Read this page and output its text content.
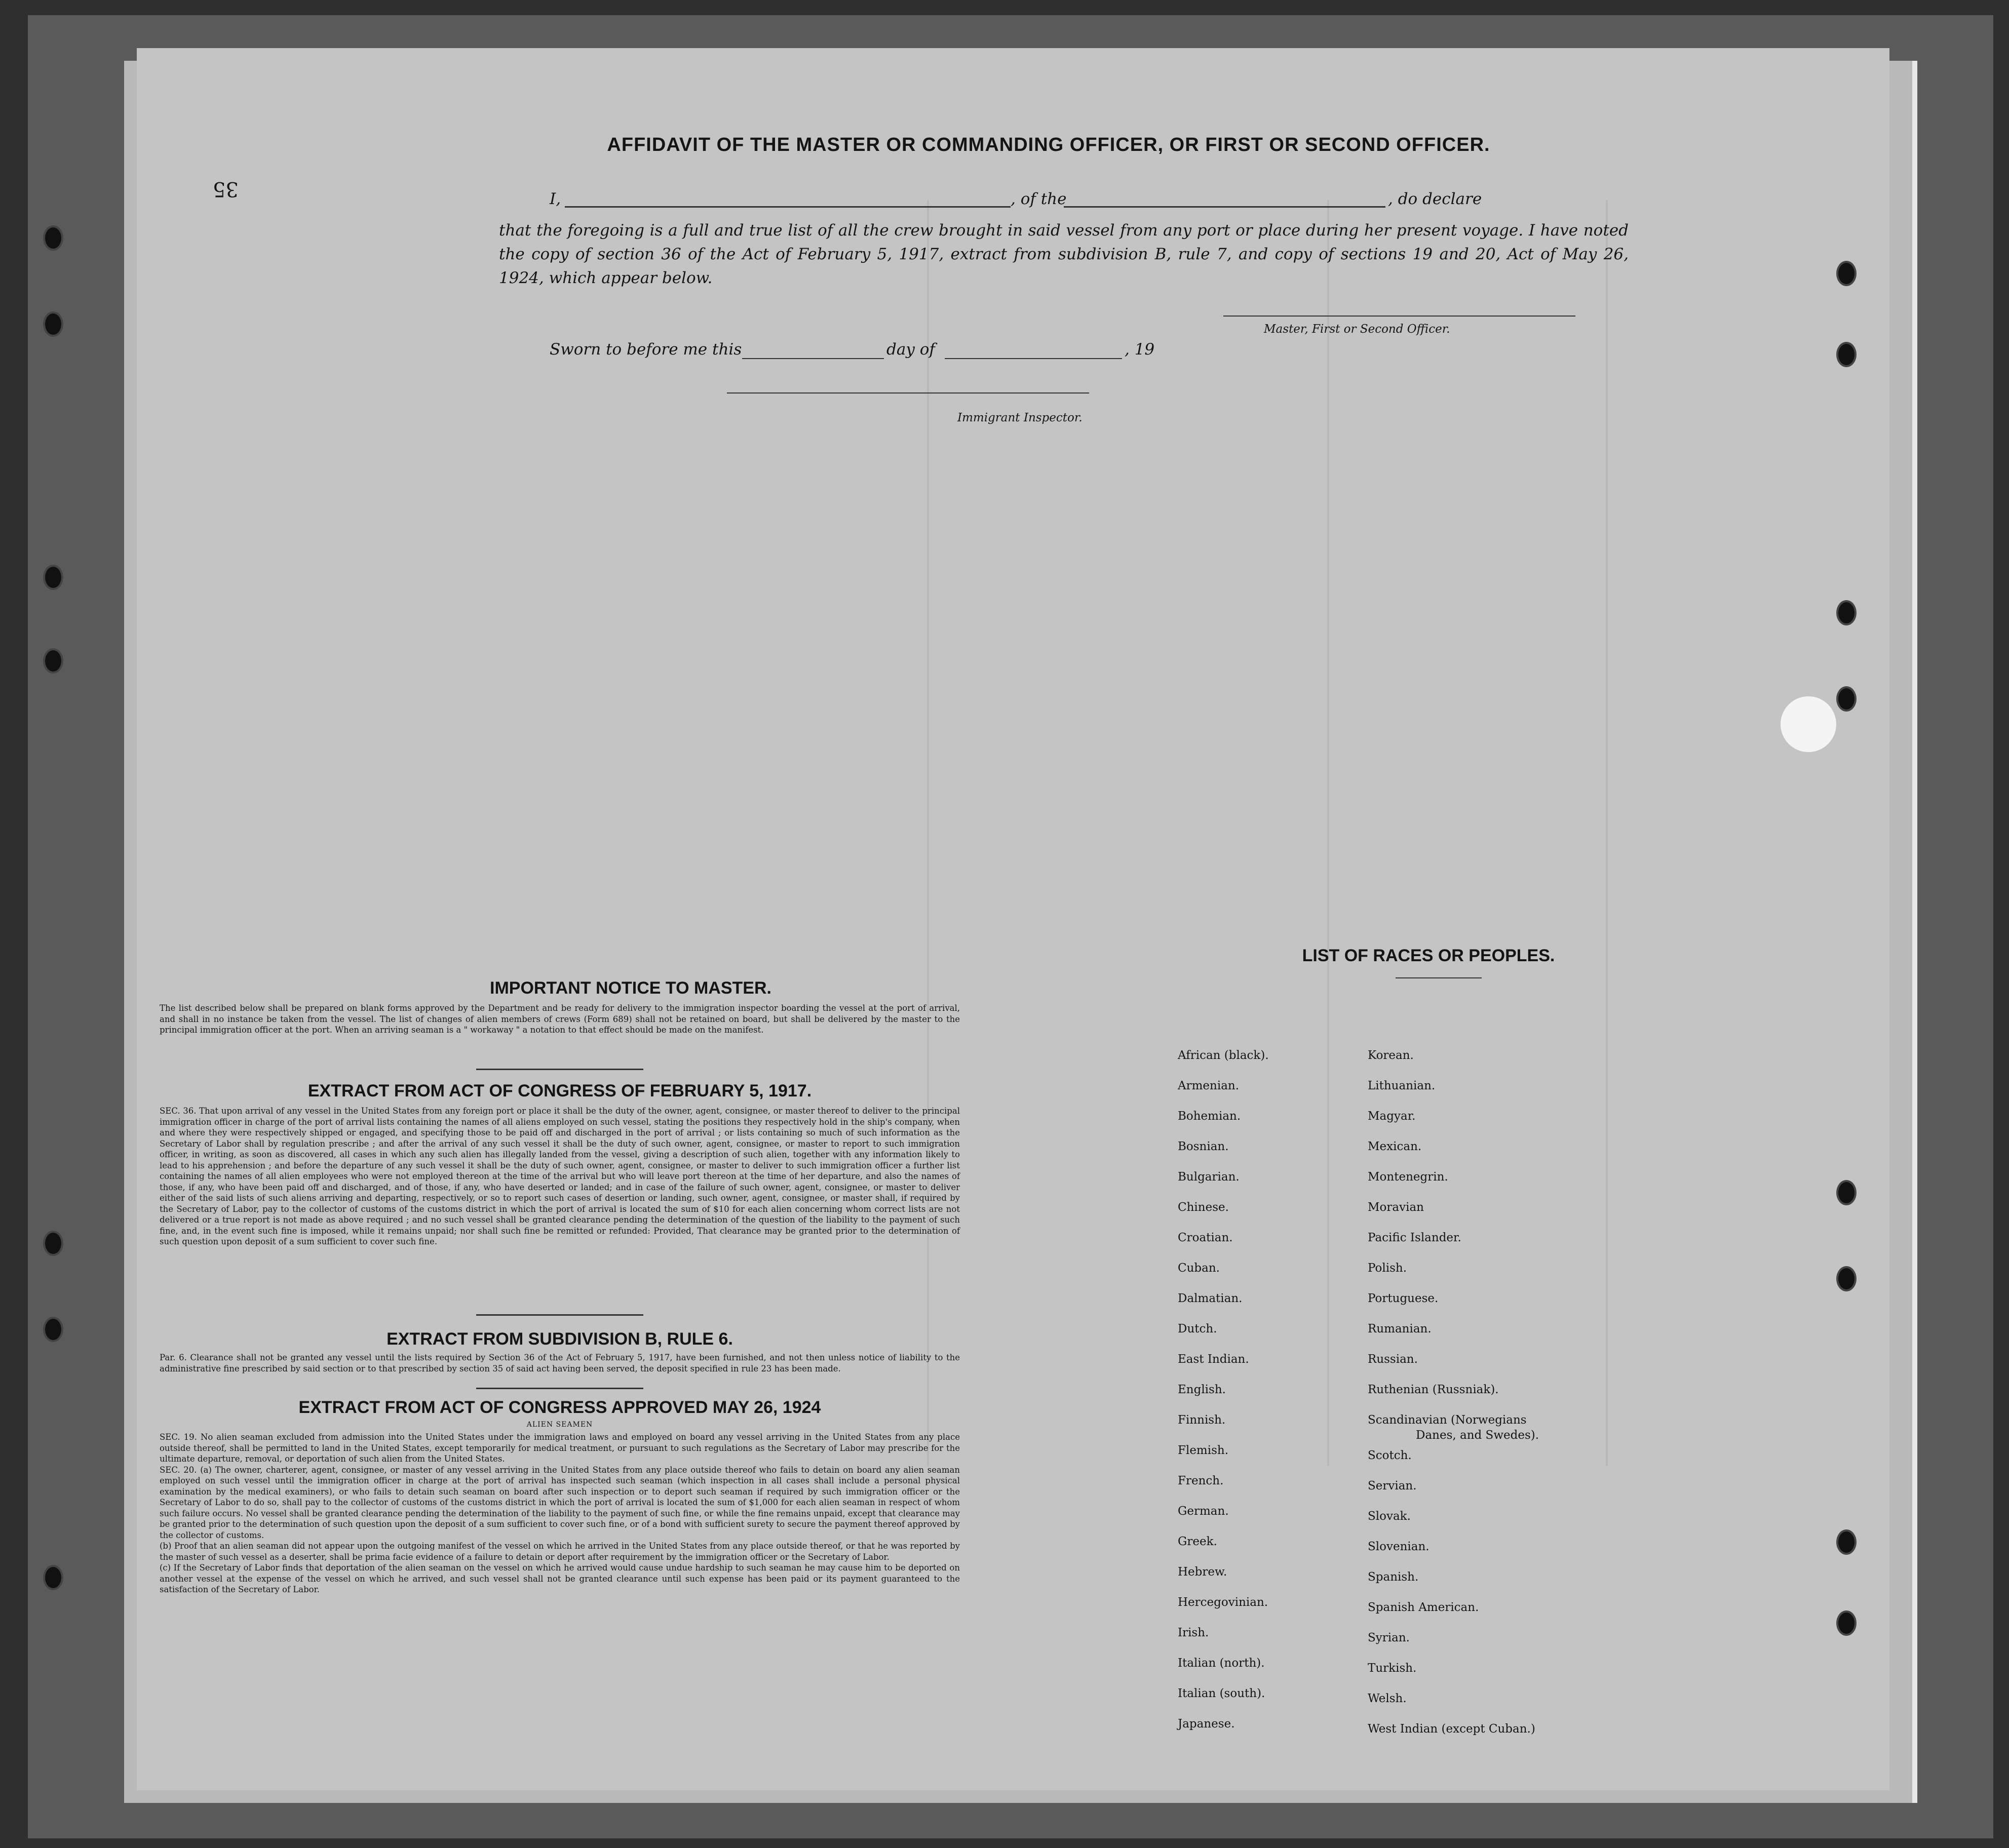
35
AFFIDAVIT OF THE MASTER OR COMMANDING OFFICER, OR FIRST OR SECOND OFFICER.
I,	, of the	, do declare
that the foregoing is a full and true list of all the crew brought in said vessel from any port or place during her present voyage. I have noted the copy of section 36 of the Act of February 5, 1917, extract from subdivision B, rule 7, and copy of sections 19 and 20, Act of May 26, 1924, which appear below.
Master, First or Second Officer.
Sworn to before me this	day of	, 19
Immigrant Inspector.
IMPORTANT NOTICE TO MASTER.
The list described below shall be prepared on blank forms approved by the Department and be ready for delivery to the immigration inspector boarding the vessel at the port of arrival, and shall in no instance be taken from the vessel. The list of changes of alien members of crews (Form 689) shall not be retained on board, but shall be delivered by the master to the principal immigration officer at the port. When an arriving seaman is a " workaway " a notation to that effect should be made on the manifest.
EXTRACT FROM ACT OF CONGRESS OF FEBRUARY 5, 1917.
SEC. 36. That upon arrival of any vessel in the United States from any foreign port or place it shall be the duty of the owner, agent, consignee, or master thereof to deliver to the principal immigration officer in charge of the port of arrival lists containing the names of all aliens employed on such vessel, stating the positions they respectively hold in the ship's company, when and where they were respectively shipped or engaged, and specifying those to be paid off and discharged in the port of arrival ; or lists containing so much of such information as the Secretary of Labor shall by regulation prescribe ; and after the arrival of any such vessel it shall be the duty of such owner, agent, consignee, or master to report to such immigration officer, in writing, as soon as discovered, all cases in which any such alien has illegally landed from the vessel, giving a description of such alien, together with any information likely to lead to his apprehension ; and before the departure of any such vessel it shall be the duty of such owner, agent, consignee, or master to deliver to such immigration officer a further list containing the names of all alien employees who were not employed thereon at the time of the arrival but who will leave port thereon at the time of her departure, and also the names of those, if any, who have been paid off and discharged, and of those, if any, who have deserted or landed; and in case of the failure of such owner, agent, consignee, or master to deliver either of the said lists of such aliens arriving and departing, respectively, or so to report such cases of desertion or landing, such owner, agent, consignee, or master shall, if required by the Secretary of Labor, pay to the collector of customs of the customs district in which the port of arrival is located the sum of $10 for each alien concerning whom correct lists are not delivered or a true report is not made as above required ; and no such vessel shall be granted clearance pending the determination of the question of the liability to the payment of such fine, and, in the event such fine is imposed, while it remains unpaid; nor shall such fine be remitted or refunded: Provided, That clearance may be granted prior to the determination of such question upon deposit of a sum sufficient to cover such fine.
EXTRACT FROM SUBDIVISION B, RULE 6.
Par. 6. Clearance shall not be granted any vessel until the lists required by Section 36 of the Act of February 5, 1917, have been furnished, and not then unless notice of liability to the administrative fine prescribed by said section or to that prescribed by section 35 of said act having been served, the deposit specified in rule 23 has been made.
EXTRACT FROM ACT OF CONGRESS APPROVED MAY 26, 1924
ALIEN SEAMEN
SEC. 19. No alien seaman excluded from admission into the United States under the immigration laws and employed on board any vessel arriving in the United States from any place outside thereof, shall be permitted to land in the United States, except temporarily for medical treatment, or pursuant to such regulations as the Secretary of Labor may prescribe for the ultimate departure, removal, or deportation of such alien from the United States.
SEC. 20. (a) The owner, charterer, agent, consignee, or master of any vessel arriving in the United States from any place outside thereof who fails to detain on board any alien seaman employed on such vessel until the immigration officer in charge at the port of arrival has inspected such seaman (which inspection in all cases shall include a personal physical examination by the medical examiners), or who fails to detain such seaman on board after such inspection or to deport such seaman if required by such immigration officer or the Secretary of Labor to do so, shall pay to the collector of customs of the customs district in which the port of arrival is located the sum of $1,000 for each alien seaman in respect of whom such failure occurs. No vessel shall be granted clearance pending the determination of the liability to the payment of such fine, or while the fine remains unpaid, except that clearance may be granted prior to the determination of such question upon the deposit of a sum sufficient to cover such fine, or of a bond with sufficient surety to secure the payment thereof approved by the collector of customs.
(b) Proof that an alien seaman did not appear upon the outgoing manifest of the vessel on which he arrived in the United States from any place outside thereof, or that he was reported by the master of such vessel as a deserter, shall be prima facie evidence of a failure to detain or deport after requirement by the immigration officer or the Secretary of Labor.
(c) If the Secretary of Labor finds that deportation of the alien seaman on the vessel on which he arrived would cause undue hardship to such seaman he may cause him to be deported on another vessel at the expense of the vessel on which he arrived, and such vessel shall not be granted clearance until such expense has been paid or its payment guaranteed to the satisfaction of the Secretary of Labor.
LIST OF RACES OR PEOPLES.
African (black).
Armenian.
Bohemian.
Bosnian.
Bulgarian.
Chinese.
Croatian.
Cuban.
Dalmatian.
Dutch.
East Indian.
English.
Finnish.
Flemish.
French.
German.
Greek.
Hebrew.
Hercegovinian.
Irish.
Italian (north).
Italian (south).
Japanese.
Korean.
Lithuanian.
Magyar.
Mexican.
Montenegrin.
Moravian
Pacific Islander.
Polish.
Portuguese.
Rumanian.
Russian.
Ruthenian (Russniak).
Scandinavian (Norwegians
Danes, and Swedes).
Scotch.
Servian.
Slovak.
Slovenian.
Spanish.
Spanish American.
Syrian.
Turkish.
Welsh.
West Indian (except Cuban.)
